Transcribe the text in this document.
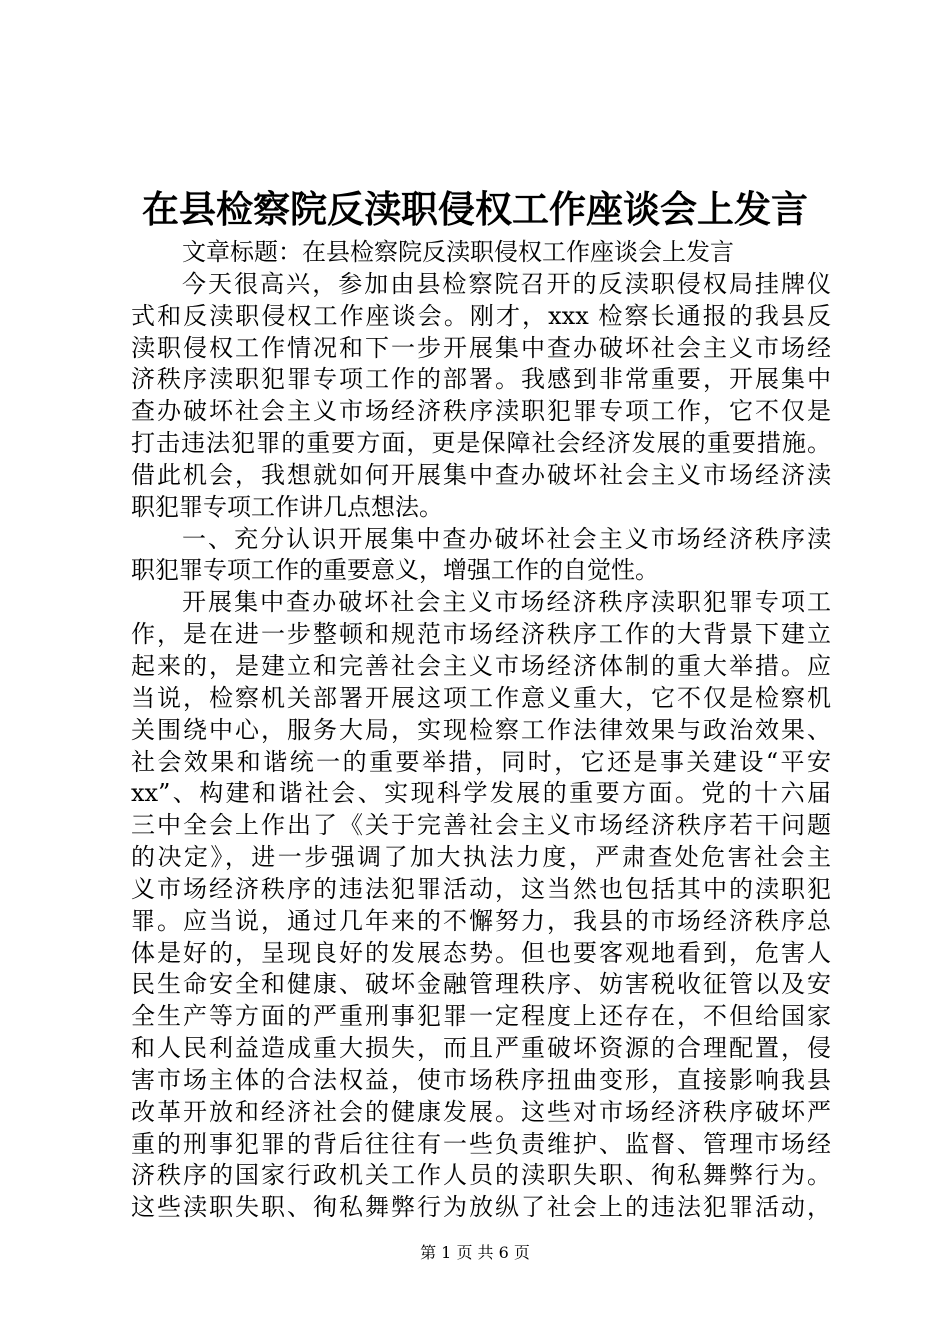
在县检察院反渎职侵权工作座谈会上发言
文章标题：在县检察院反渎职侵权工作座谈会上发言
今天很高兴，参加由县检察院召开的反渎职侵权局挂牌仪
式和反渎职侵权工作座谈会。刚才，xxx 检察长通报的我县反
渎职侵权工作情况和下一步开展集中查办破坏社会主义市场经
济秩序渎职犯罪专项工作的部署。我感到非常重要，开展集中
查办破坏社会主义市场经济秩序渎职犯罪专项工作，它不仅是
打击违法犯罪的重要方面，更是保障社会经济发展的重要措施。
借此机会，我想就如何开展集中查办破坏社会主义市场经济渎
职犯罪专项工作讲几点想法。
一、充分认识开展集中查办破坏社会主义市场经济秩序渎
职犯罪专项工作的重要意义，增强工作的自觉性。
开展集中查办破坏社会主义市场经济秩序渎职犯罪专项工
作，是在进一步整顿和规范市场经济秩序工作的大背景下建立
起来的，是建立和完善社会主义市场经济体制的重大举措。应
当说，检察机关部署开展这项工作意义重大，它不仅是检察机
关围绕中心，服务大局，实现检察工作法律效果与政治效果、
社会效果和谐统一的重要举措，同时，它还是事关建设“平安
xx”、构建和谐社会、实现科学发展的重要方面。党的十六届
三中全会上作出了《关于完善社会主义市场经济秩序若干问题
的决定》，进一步强调了加大执法力度，严肃查处危害社会主
义市场经济秩序的违法犯罪活动，这当然也包括其中的渎职犯
罪。应当说，通过几年来的不懈努力，我县的市场经济秩序总
体是好的，呈现良好的发展态势。但也要客观地看到，危害人
民生命安全和健康、破坏金融管理秩序、妨害税收征管以及安
全生产等方面的严重刑事犯罪一定程度上还存在，不但给国家
和人民利益造成重大损失，而且严重破坏资源的合理配置，侵
害市场主体的合法权益，使市场秩序扭曲变形，直接影响我县
改革开放和经济社会的健康发展。这些对市场经济秩序破坏严
重的刑事犯罪的背后往往有一些负责维护、监督、管理市场经
济秩序的国家行政机关工作人员的渎职失职、徇私舞弊行为。
这些渎职失职、徇私舞弊行为放纵了社会上的违法犯罪活动，
第 1 页 共 6 页
